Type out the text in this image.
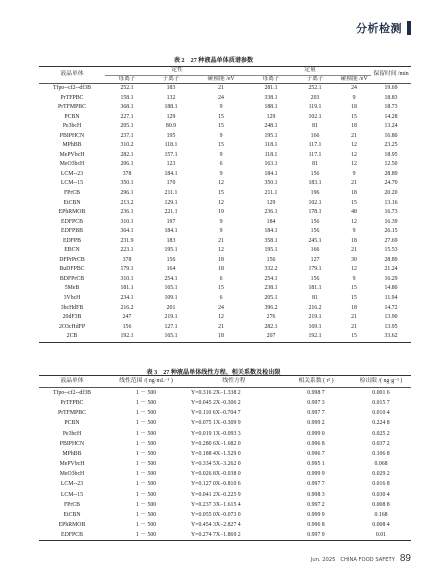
分析检测
表 2　27 种液晶单体质谱参数
液晶单体	定性			定量			保留时间 /min
	母离子	子离子	碰撞能 /eV	母离子	子离子	碰撞能 /eV	
Tfpo--cf2--df3B	252.1	183	21	281.1	252.1	24	19.69
PrTFPBC	158.1	132	24	338.1	203	9	18.83
PrTFMPBC	368.1	188.1	9	188.1	119.1	18	18.73
PCBN	227.1	129	15	129	102.1	15	14.28
Pe3bcH	205.1	80.9	15	248.1	81	18	13.24
PBIPHCN	237.1	195	9	195.1	166	21	16.80
MPhBB	310.2	118.1	15	118.1	117.1	12	23.25
MePVbcH	282.1	157.1	9	118.1	117.1	12	18.95
MeO3bcH	206.1	123	6	163.1	81	12	12.50
LCM--23	378	184.1	9	184.1	156	9	28.89
LCM--15	350.1	170	12	350.1	183.1	21	24.70
FPrCB	296.1	211.1	15	211.1	196	18	20.20
EtCBN	213.2	129.1	12	129	102.1	15	13.16
EPhRMOB	236.1	221.1	19	236.1	178.1	48	16.73
EDFPCB	310.1	197	9	184	156	12	16.39
EDFPBB	364.1	184.1	9	184.1	156	9	26.15
EDFPB	231.9	183	21	358.1	245.1	18	27.69
EBCN	223.1	195.1	12	195.1	166	21	15.53
DFPrPrCB	378	156	18	156	127	30	28.89
BuDFPBC	179.1	164	18	332.2	179.1	12	21.24
BDFPrCB	310.1	254.1	6	254.1	156	9	16.29
5MeB	181.1	165.1	15	238.1	181.1	15	14.80
3VbcH	234.1	109.1	6	205.1	81	15	11.94
3bcHdFB	216.2	201	24	396.2	216.2	18	14.72
20dF3B	247	219.1	12	276	219.1	21	13.90
2O3cHdFP	156	127.1	21	282.1	169.1	21	13.95
2CB	192.1	165.1	18	207	192.1	15	33.62
表 3　27 种液晶单体线性方程、相关系数及检出限
液晶单体	线性范围 /( ng·mL⁻¹ )	线性方程	相关系数 ( r² )	检出限 /( ng·g⁻¹ )
Tfpo--cf2--df3B	1 － 500	Y=0.316 2X−1.338 2	0.998 7	0.001 6
PrTFPBC	1 － 500	Y=0.045 2X−0.306 2	0.997 3	0.015 7
PrTFMPBC	1 － 500	Y=0.110 6X−0.704 7	0.997 7	0.010 4
PCBN	1 － 500	Y=0.075 1X−0.309 9	0.999 2	0.224 8
Pe3bcH	1 － 500	Y=0.019 1X−0.093 3	0.999 0	0.025 2
PBIPHCN	1 － 500	Y=0.280 6X−1.682 0	0.996 8	0.037 2
MPhBB	1 － 500	Y=0.188 4X−1.529 0	0.996 7	0.106 8
MePVbcH	1 － 500	Y=0.334 5X−3.262 0	0.995 1	0.068
MeO3bcH	1 － 500	Y=0.026 8X−0.038 0	0.999 9	0.029 2
LCM--23	1 － 500	Y=0.127 0X−0.810 6	0.997 7	0.016 8
LCM--15	1 － 500	Y=0.041 2X−0.225 9	0.998 3	0.030 4
FPrCB	1 － 500	Y=0.237 3X−1.615 4	0.997 2	0.008 8
EtCBN	1 － 500	Y=0.055 0X−0.073 0	0.999 9	0.168
EPhRMOB	1 － 500	Y=0.454 3X−2.827 4	0.996 8	0.008 4
EDFPCB	1 － 500	Y=0.274 7X−1.869 2	0.997 9	0.01
Jun. 2025 CHINA FOOD SAFETY 89
